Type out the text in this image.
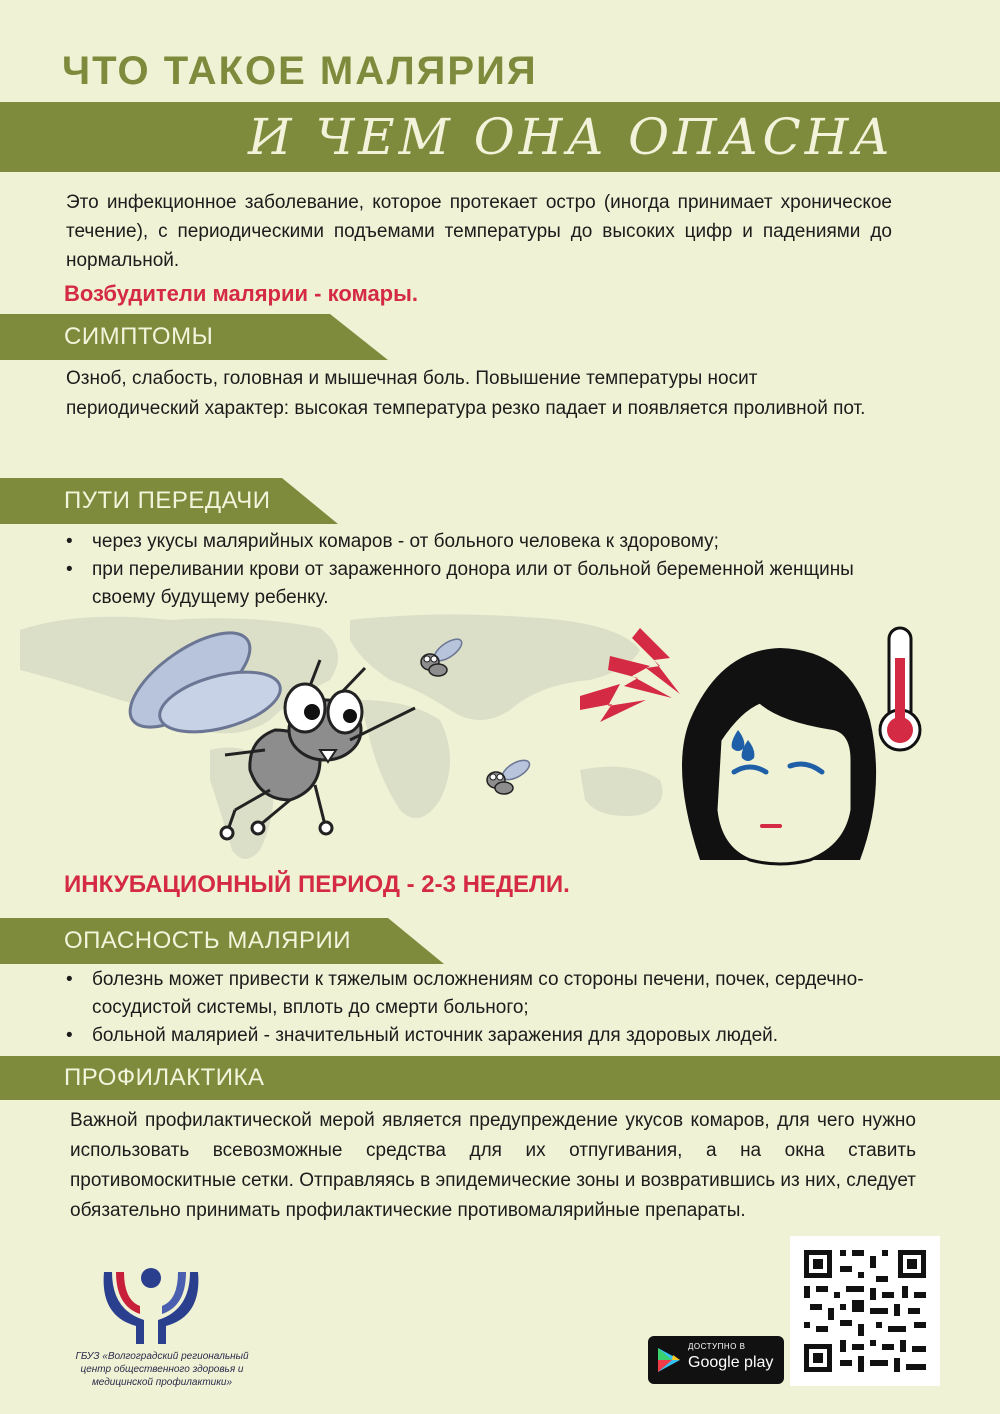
ЧТО ТАКОЕ МАЛЯРИЯ
И ЧЕМ ОНА ОПАСНА
Это инфекционное заболевание, которое протекает остро (иногда принимает хроническое течение), с периодическими подъемами температуры до высоких цифр и падениями до нормальной.
Возбудители малярии - комары.
СИМПТОМЫ
Озноб, слабость, головная и мышечная боль. Повышение температуры носит периодический характер: высокая температура резко падает и появляется проливной пот.
ПУТИ ПЕРЕДАЧИ
• через укусы малярийных комаров - от больного человека к здоровому;
• при переливании крови от зараженного донора или от больной беременной женщины своему будущему ребенку.
ИНКУБАЦИОННЫЙ ПЕРИОД - 2-3 НЕДЕЛИ.
ОПАСНОСТЬ МАЛЯРИИ
• болезнь может привести к тяжелым осложнениям со стороны печени, почек, сердечно-сосудистой системы, вплоть до смерти больного;
• больной малярией - значительный источник заражения для здоровых людей.
ПРОФИЛАКТИКА
Важной профилактической мерой является предупреждение укусов комаров, для чего нужно использовать всевозможные средства для их отпугивания, а на окна ставить противомоскитные сетки. Отправляясь в эпидемические зоны и возвратившись из них, следует обязательно принимать профилактические противомалярийные препараты.
ГБУЗ «Волгоградский региональный центр общественного здоровья и медицинской профилактики»
ДОСТУПНО В
Google play
